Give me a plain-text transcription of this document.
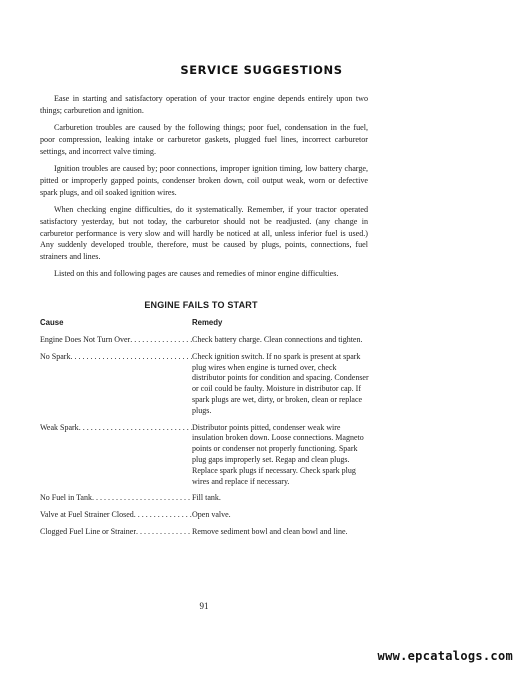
SERVICE SUGGESTIONS

Ease in starting and satisfactory operation of your tractor engine depends entirely upon two things; carburetion and ignition.

Carburetion troubles are caused by the following things; poor fuel, condensation in the fuel, poor compression, leaking intake or carburetor gaskets, plugged fuel lines, incorrect carburetor settings, and incorrect valve timing.

Ignition troubles are caused by; poor connections, improper ignition timing, low battery charge, pitted or improperly gapped points, condenser broken down, coil output weak, worn or defective spark plugs, and oil soaked ignition wires.

When checking engine difficulties, do it systematically. Remember, if your tractor operated satisfactory yesterday, but not today, the carburetor should not be readjusted. (any change in carburetor performance is very slow and will hardly be noticed at all, unless inferior fuel is used.) Any suddenly developed trouble, therefore, must be caused by plugs, points, connections, fuel strainers and lines.

Listed on this and following pages are causes and remedies of minor engine difficulties.

ENGINE FAILS TO START
Cause	Remedy
Engine Does Not Turn Over . . .	Check battery charge. Clean connections and tighten.
No Spark . . .	Check ignition switch. If no spark is present at spark plug wires when engine is turned over, check distributor points for condition and spacing. Condenser or coil could be faulty. Moisture in distributor cap. If spark plugs are wet, dirty, or broken, clean or replace plugs.
Weak Spark . . .	Distributor points pitted, condenser weak wire insulation broken down. Loose connections. Magneto points or condenser not properly functioning. Spark plug gaps improperly set. Regap and clean plugs. Replace spark plugs if necessary. Check spark plug wires and replace if necessary.
No Fuel in Tank . . .	Fill tank.
Valve at Fuel Strainer Closed . . .	Open valve.
Clogged Fuel Line or Strainer . . .	Remove sediment bowl and clean bowl and line.
91
www.epcatalogs.com
